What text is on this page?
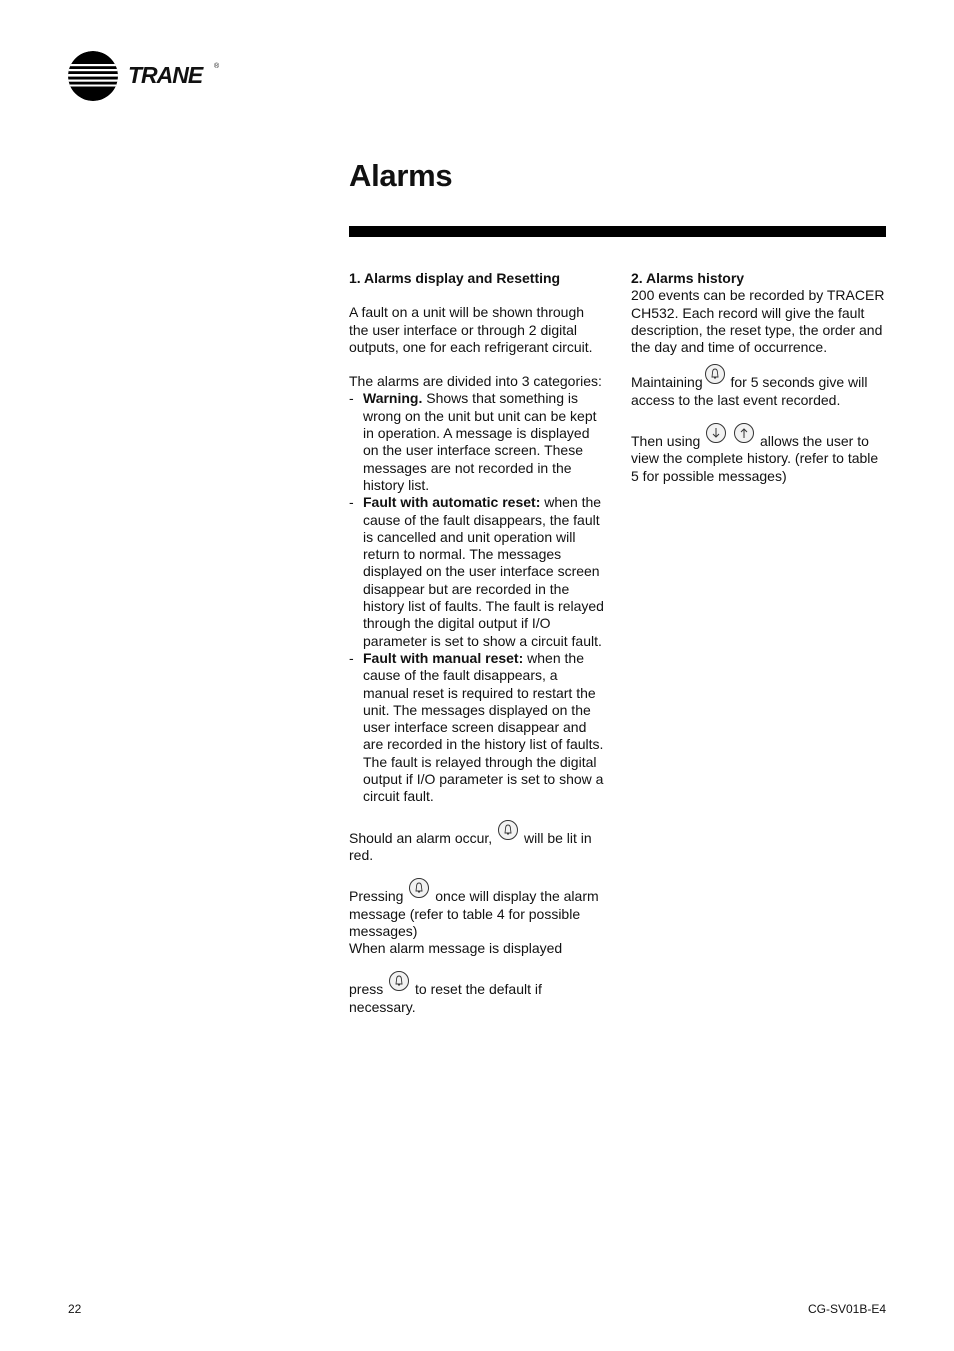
TRANE ®
Alarms

1. Alarms display and Resetting

A fault on a unit will be shown through the user interface or through 2 digital outputs, one for each refrigerant circuit.

The alarms are divided into 3 categories:

- Warning. Shows that something is wrong on the unit but unit can be kept in operation. A message is displayed on the user interface screen. These messages are not recorded in the history list.
- Fault with automatic reset: when the cause of the fault disappears, the fault is cancelled and unit operation will return to normal. The messages displayed on the user interface screen disappear but are recorded in the history list of faults. The fault is relayed through the digital output if I/O parameter is set to show a circuit fault.
- Fault with manual reset: when the cause of the fault disappears, a manual reset is required to restart the unit. The messages displayed on the user interface screen disappear and are recorded in the history list of faults. The fault is relayed through the digital output if I/O parameter is set to show a circuit fault.

Should an alarm occur, will be lit in red.

Pressing once will display the alarm message (refer to table 4 for possible messages)

When alarm message is displayed

press to reset the default if necessary.

2. Alarms history

200 events can be recorded by TRACER CH532. Each record will give the fault description, the reset type, the order and the day and time of occurrence.

Maintaining for 5 seconds give will access to the last event recorded.

Then using
	allows the user to view the complete history. (refer to table 5 for possible messages)

22	CG-SV01B-E4
